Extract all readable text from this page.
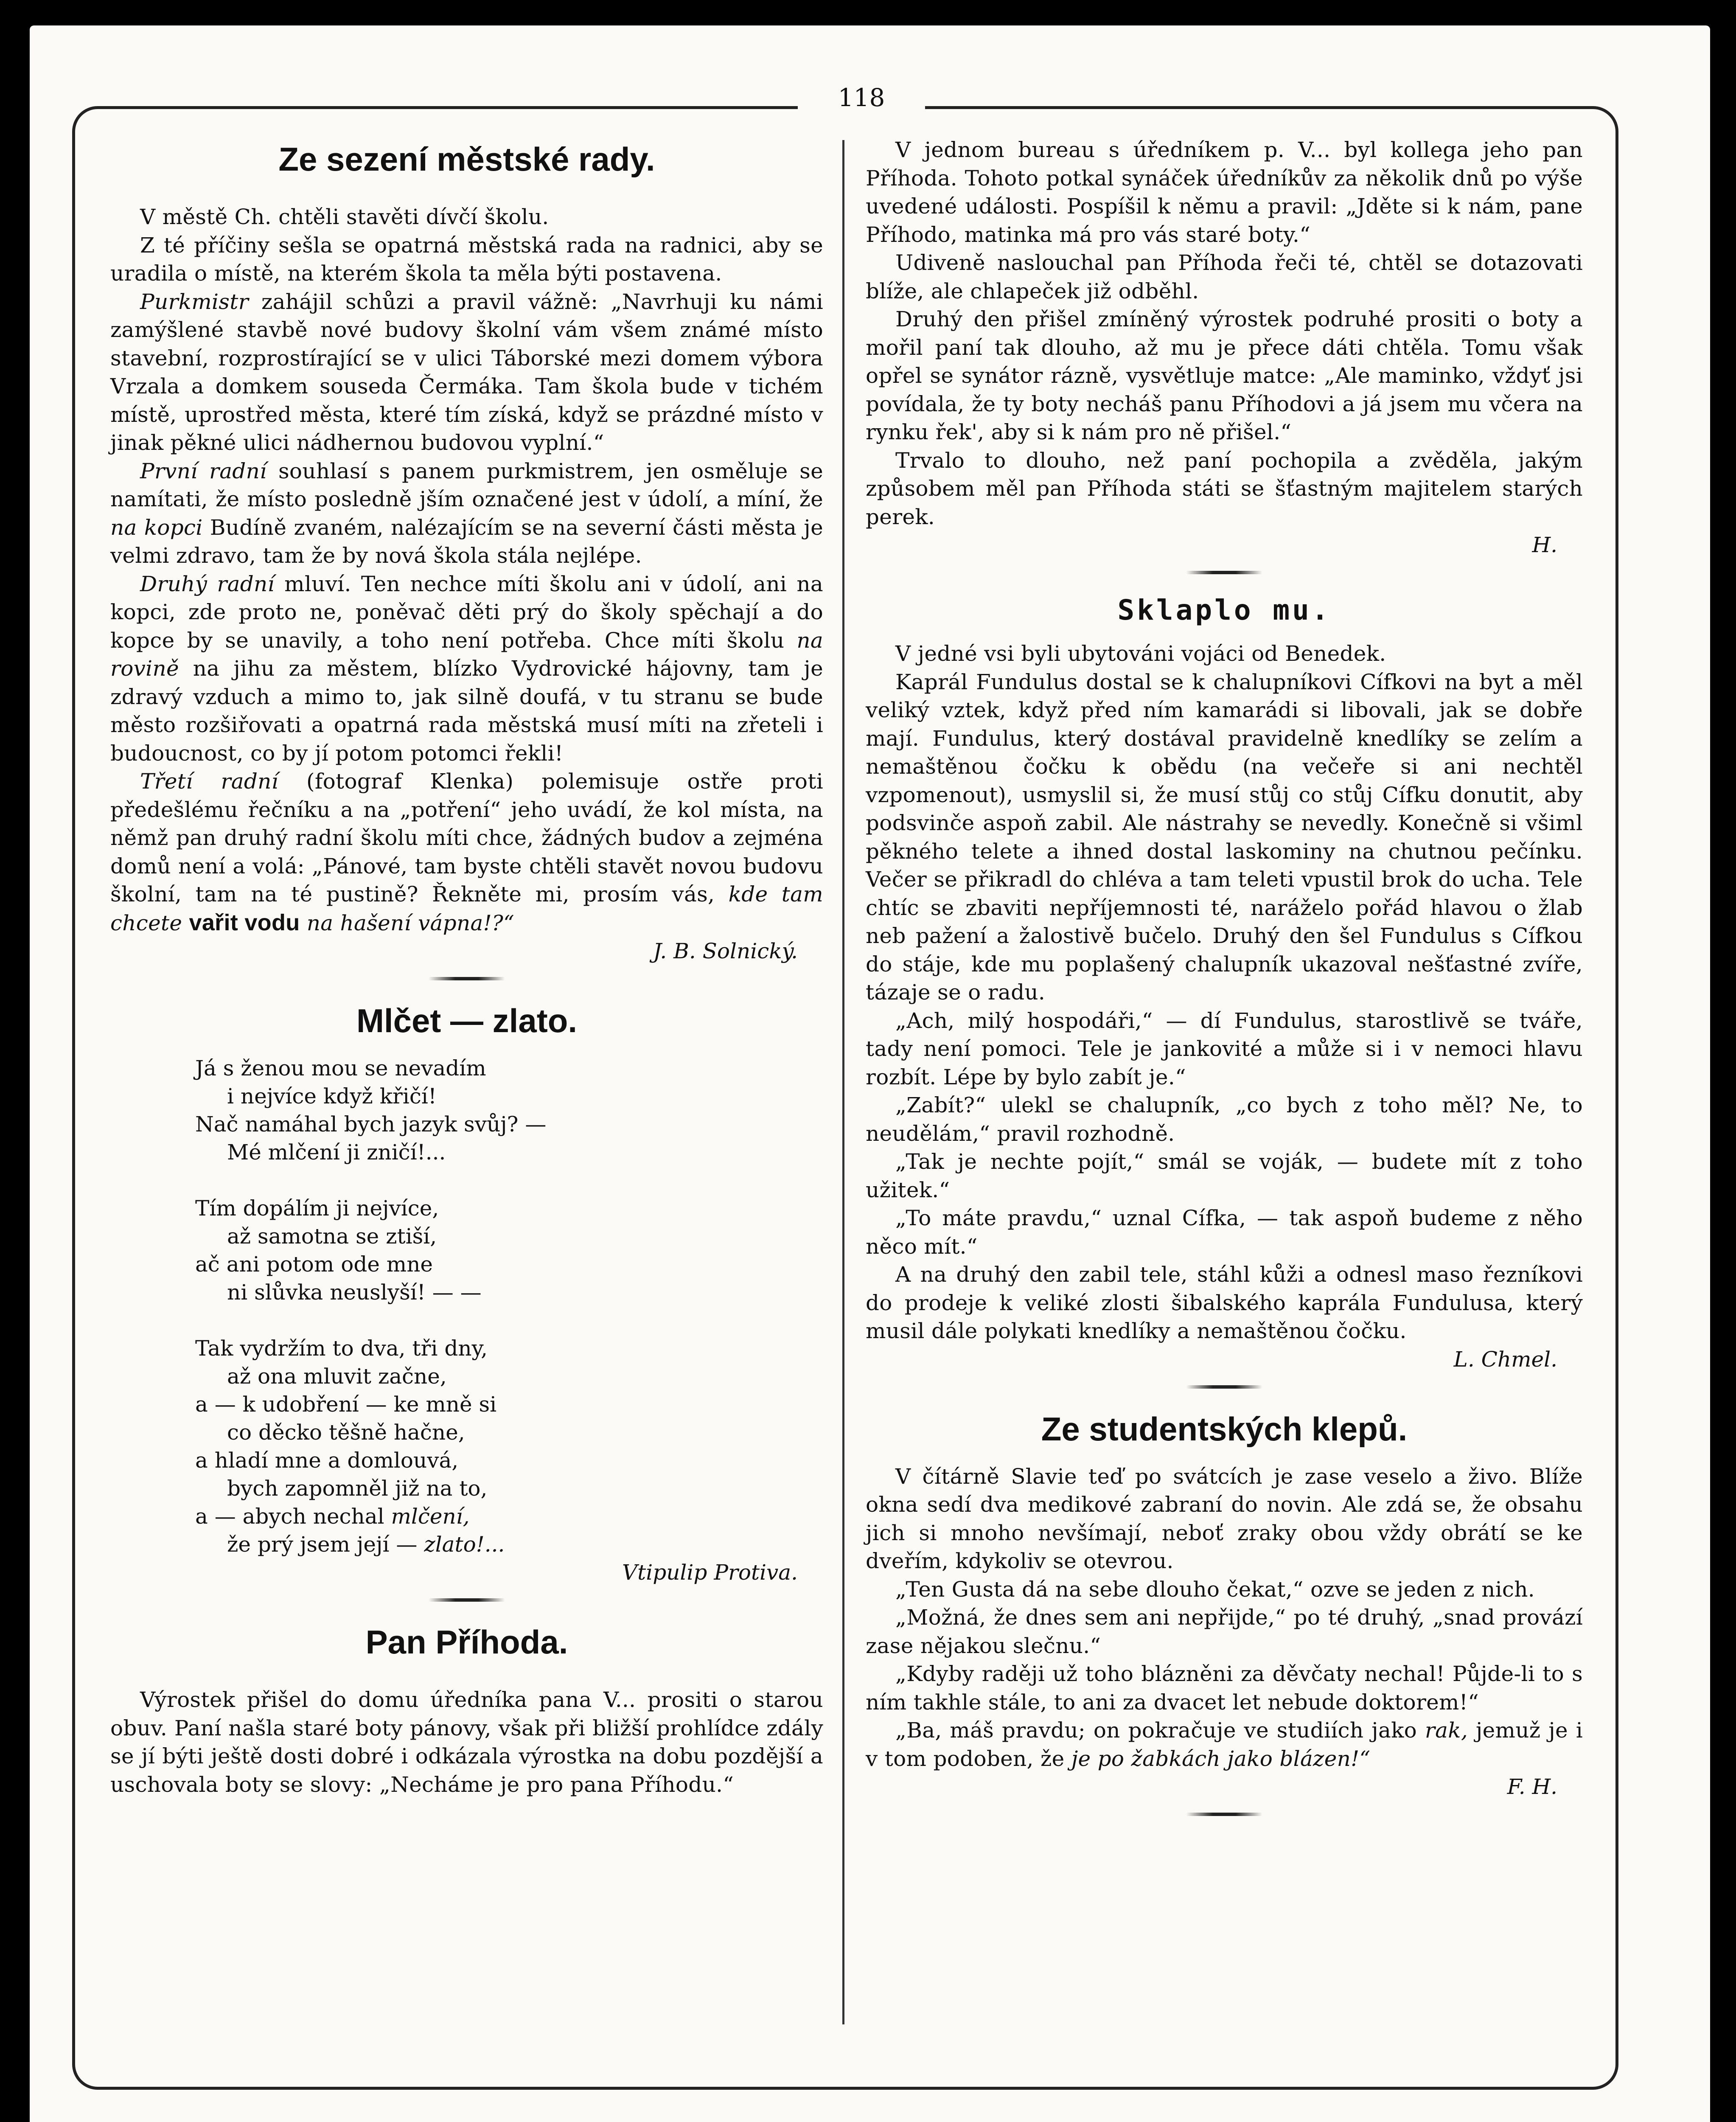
118
Ze sezení městské rady.

V městě Ch. chtěli stavěti dívčí školu.

Z té příčiny sešla se opatrná městská rada na radnici, aby se uradila o místě, na kterém škola ta měla býti postavena.

Purkmistr zahájil schůzi a pravil vážně: „Navrhuji ku námi zamýšlené stavbě nové budovy školní vám všem známé místo stavební, rozprostírající se v ulici Táborské mezi domem výbora Vrzala a domkem souseda Čermáka. Tam škola bude v tichém místě, uprostřed města, které tím získá, když se prázdné místo v jinak pěkné ulici nádhernou budovou vyplní.“

První radní souhlasí s panem purkmistrem, jen osměluje se namítati, že místo posledně jším označené jest v údolí, a míní, že na kopci Budíně zvaném, nalézajícím se na severní části města je velmi zdravo, tam že by nová škola stála nejlépe.

Druhý radní mluví. Ten nechce míti školu ani v údolí, ani na kopci, zde proto ne, poněvač děti prý do školy spěchají a do kopce by se unavily, a toho není potřeba. Chce míti školu na rovině na jihu za městem, blízko Vydrovické hájovny, tam je zdravý vzduch a mimo to, jak silně doufá, v tu stranu se bude město rozšiřovati a opatrná rada městská musí míti na zřeteli i budoucnost, co by jí potom potomci řekli!

Třetí radní (fotograf Klenka) polemisuje ostře proti předešlému řečníku a na „potření“ jeho uvádí, že kol místa, na němž pan druhý radní školu míti chce, žádných budov a zejména domů není a volá: „Pánové, tam byste chtěli stavět novou budovu školní, tam na té pustině? Řekněte mi, prosím vás, kde tam chcete vařit vodu na hašení vápna!?“

J. B. Solnický.
Mlčet — zlato.
Já s ženou mou se nevadím
i nejvíce když křičí!
Nač namáhal bych jazyk svůj? —
Mé mlčení ji zničí!...
Tím dopálím ji nejvíce,
až samotna se ztiší,
ač ani potom ode mne
ni slůvka neuslyší! — —
Tak vydržím to dva, tři dny,
až ona mluvit začne,
a — k udobření — ke mně si
co děcko těšně hačne,
a hladí mne a domlouvá,
bych zapomněl již na to,
a — abych nechal mlčení,
že prý jsem její — zlato!...
Vtipulip Protiva.
Pan Příhoda.

Výrostek přišel do domu úředníka pana V... prositi o starou obuv. Paní našla staré boty pánovy, však při bližší prohlídce zdály se jí býti ještě dosti dobré i odkázala výrostka na dobu pozdější a uschovala boty se slovy: „Necháme je pro pana Příhodu.“

V jednom bureau s úředníkem p. V... byl kollega jeho pan Příhoda. Tohoto potkal synáček úředníkův za několik dnů po výše uvedené události. Pospíšil k němu a pravil: „Jděte si k nám, pane Příhodo, matinka má pro vás staré boty.“

Udiveně naslouchal pan Příhoda řeči té, chtěl se dotazovati blíže, ale chlapeček již odběhl.

Druhý den přišel zmíněný výrostek podruhé prositi o boty a mořil paní tak dlouho, až mu je přece dáti chtěla. Tomu však opřel se synátor rázně, vysvětluje matce: „Ale maminko, vždyť jsi povídala, že ty boty necháš panu Příhodovi a já jsem mu včera na rynku řek', aby si k nám pro ně přišel.“

Trvalo to dlouho, než paní pochopila a zvěděla, jakým způsobem měl pan Příhoda státi se šťastným majitelem starých perek.

H.
Sklaplo mu.

V jedné vsi byli ubytováni vojáci od Benedek.

Kaprál Fundulus dostal se k chalupníkovi Cífkovi na byt a měl veliký vztek, když před ním kamarádi si libovali, jak se dobře mají. Fundulus, který dostával pravidelně knedlíky se zelím a nemaštěnou čočku k obědu (na večeře si ani nechtěl vzpomenout), usmyslil si, že musí stůj co stůj Cífku donutit, aby podsvinče aspoň zabil. Ale nástrahy se nevedly. Konečně si všiml pěkného telete a ihned dostal laskominy na chutnou pečínku. Večer se přikradl do chléva a tam teleti vpustil brok do ucha. Tele chtíc se zbaviti nepříjemnosti té, naráželo pořád hlavou o žlab neb pažení a žalostivě bučelo. Druhý den šel Fundulus s Cífkou do stáje, kde mu poplašený chalupník ukazoval nešťastné zvíře, tázaje se o radu.

„Ach, milý hospodáři,“ — dí Fundulus, starostlivě se tváře, tady není pomoci. Tele je jankovité a může si i v nemoci hlavu rozbít. Lépe by bylo zabít je.“

„Zabít?“ ulekl se chalupník, „co bych z toho měl? Ne, to neudělám,“ pravil rozhodně.

„Tak je nechte pojít,“ smál se voják, — budete mít z toho užitek.“

„To máte pravdu,“ uznal Cífka, — tak aspoň budeme z něho něco mít.“

A na druhý den zabil tele, stáhl kůži a odnesl maso řezníkovi do prodeje k veliké zlosti šibalského kaprála Fundulusa, který musil dále polykati knedlíky a nemaštěnou čočku.

L. Chmel.
Ze studentských klepů.

V čítárně Slavie teď po svátcích je zase veselo a živo. Blíže okna sedí dva medikové zabraní do novin. Ale zdá se, že obsahu jich si mnoho nevšímají, neboť zraky obou vždy obrátí se ke dveřím, kdykoliv se otevrou.

„Ten Gusta dá na sebe dlouho čekat,“ ozve se jeden z nich.

„Možná, že dnes sem ani nepřijde,“ po té druhý, „snad provází zase nějakou slečnu.“

„Kdyby raději už toho blázněni za děvčaty nechal! Půjde-li to s ním takhle stále, to ani za dvacet let nebude doktorem!“

„Ba, máš pravdu; on pokračuje ve studiích jako rak, jemuž je i v tom podoben, že je po žabkách jako blázen!“

F. H.
